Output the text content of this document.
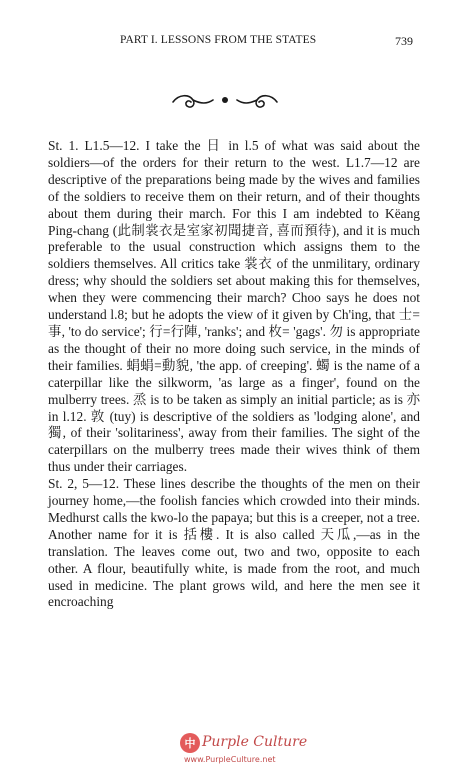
PART I. LESSONS FROM THE STATES	739

St. 1. L1.5—12. I take the 日 in l.5 of what was said about the soldiers—of the orders for their return to the west. L1.7—12 are descriptive of the preparations being made by the wives and families of the soldiers to receive them on their return, and of their thoughts about them during their march. For this I am indebted to Këang Ping-chang (此制裳衣是室家初聞捷音, 喜而預待), and it is much preferable to the usual construction which assigns them to the soldiers themselves. All critics take 裳衣 of the unmilitary, ordinary dress; why should the soldiers set about making this for themselves, when they were commencing their march? Choo says he does not understand l.8; but he adopts the view of it given by Ch'ing, that 士=事, 'to do service'; 行=行陣, 'ranks'; and 枚= 'gags'. 勿 is appropriate as the thought of their no more doing such service, in the minds of their families. 蜎蜎=動貌, 'the app. of creeping'. 蠋 is the name of a caterpillar like the silkworm, 'as large as a finger', found on the mulberry trees. 烝 is to be taken as simply an initial particle; as is 亦 in l.12. 敦 (tuy) is descriptive of the soldiers as 'lodging alone', and 獨, of their 'solitariness', away from their families. The sight of the caterpillars on the mulberry trees made their wives think of them thus under their carriages.

St. 2, 5—12. These lines describe the thoughts of the men on their journey home,—the foolish fancies which crowded into their minds. Medhurst calls the kwo-lo the papaya; but this is a creeper, not a tree. Another name for it is 括樓. It is also called 天瓜,—as in the translation. The leaves come out, two and two, opposite to each other. A flour, beautifully white, is made from the root, and much used in medicine. The plant grows wild, and here the men see it encroaching

中 Purple Culture
www.PurpleCulture.net
